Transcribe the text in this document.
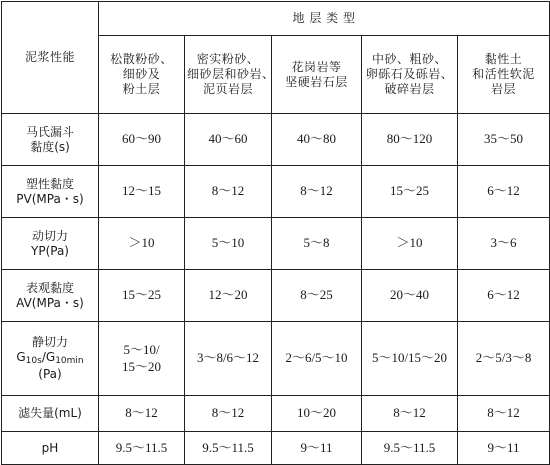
泥浆性能	地 层 类 型				

	松散粉砂、
细砂及
粉土层	密实粉砂、
细砂层和砂岩、
泥页岩层	花岗岩等
坚硬岩石层	中砂、粗砂、
卵砾石及砾岩、
破碎岩层	黏性土
和活性软泥
岩层

马氏漏斗
黏度(s)	60～90	40～60	40～80	80～120	35～50

塑性黏度
PV(MPa・s)	12～15	8～12	8～12	15～25	6～12

动切力
YP(Pa)	＞10	5～10	5～8	＞10	3～6

表观黏度
AV(MPa・s)	15～25	12～20	8～25	20～40	6～12

静切力
$G_{10s}/G_{10min}$
(Pa)	5～10/
15～20	3～8/6～12	2～6/5～10	5～10/15～20	2～5/3～8

滤失量(mL)	8～12	8～12	10～20	8～12	8～12

pH	9.5～11.5	9.5～11.5	9～11	9.5～11.5	9～11
